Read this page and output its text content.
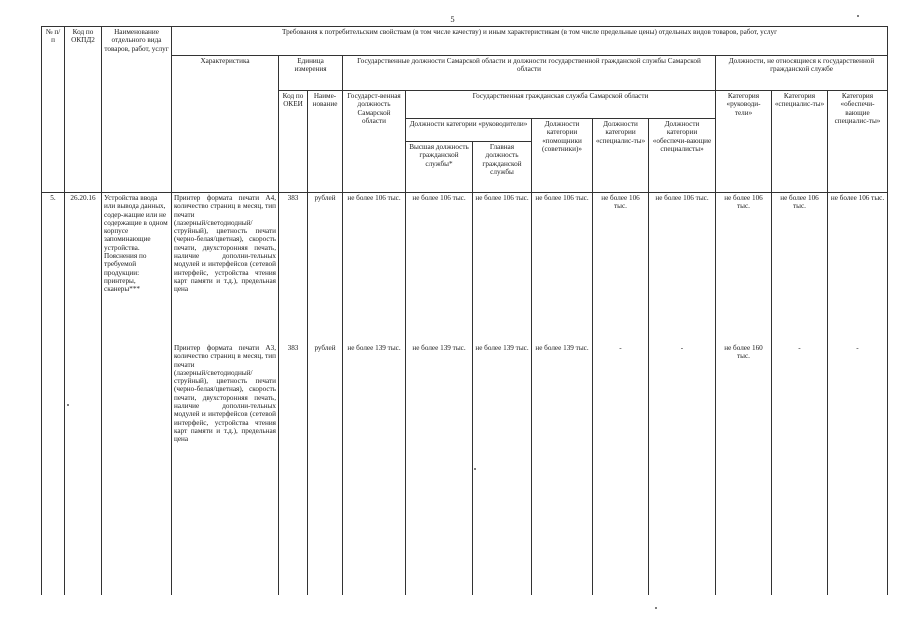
5
№ п/п	Код по ОКПД2	Наименование отдельного вида товаров, работ, услуг	Требования к потребительским свойствам (в том числе качеству) и иным характеристикам (в том числе предельные цены) отдельных видов товаров, работ, услуг											
			Характеристика	Единица измерения		Государственные должности Самарской области и должности государственной гражданской службы Самарской области						Должности, не относящиеся к государственной гражданской службе		
				Код по ОКЕИ	Наиме-нование	Государст-венная должность Самарской области	Государственная гражданская служба Самарской области					Категория «руководи-тели»	Категория «специалис-ты»	Категория «обеспечи-вающие специалис-ты»
							Должности категории «руководители»		Должности категории «помощники (советники)»	Должности категории «специалис-ты»	Должности категории «обеспечи-вающие специалисты»			
							Высшая должность гражданской службы*	Главная должность гражданской службы						
5.	26.20.16	Устройства ввода или вывода данных, содер-жащие или не содержащие в одном корпусе запоминающие устройства. Пояснения по требуемой продукции: принтеры, сканеры***	Принтер формата печати А4, количество страниц в месяц, тип печати
(лазерный/светодиодный/
струйный), цветность печати (черно-белая/цветная), скорость печати, двухсторонняя печать, наличие дополни-тельных модулей и интерфейсов (сетевой интерфейс, устройства чтения карт памяти и т.д.), предельная цена	383	рублей	не более 106 тыс.	не более 106 тыс.	не более 106 тыс.	не более 106 тыс.	не более 106 тыс.	не более 106 тыс.	не более 106 тыс.	не более 106 тыс.	не более 106 тыс.

			Принтер формата печати А3, количество страниц в месяц, тип печати
(лазерный/светодиодный/
струйный), цветность печати (черно-белая/цветная), скорость печати, двухсторонняя печать, наличие дополни-тельных модулей и интерфейсов (сетевой интерфейс, устройства чтения карт памяти и т.д.), предельная цена	383	рублей	не более 139 тыс.	не более 139 тыс.	не более 139 тыс.	не более 139 тыс.	-	-	не более 160 тыс.	-	-
